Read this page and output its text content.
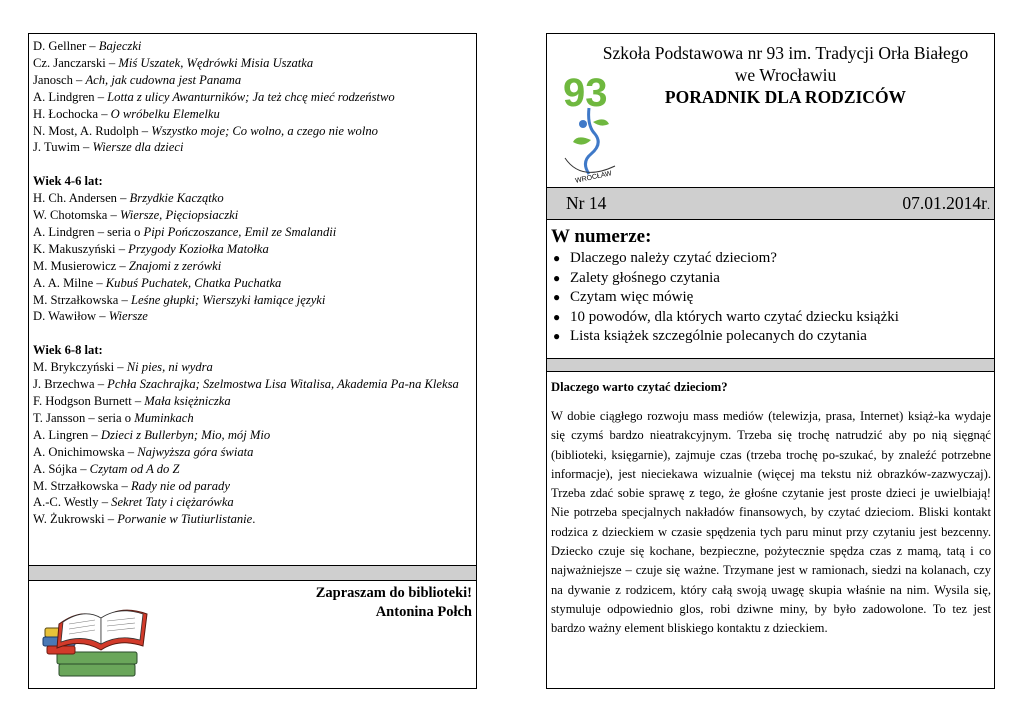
D. Gellner – Bajeczki
Cz. Janczarski – Miś Uszatek, Wędrówki Misia Uszatka
Janosch – Ach, jak cudowna jest Panama
A. Lindgren – Lotta z ulicy Awanturników; Ja też chcę mieć rodzeństwo
H. Łochocka – O wróbelku Elemelku
N. Most, A. Rudolph – Wszystko moje; Co wolno, a czego nie wolno
J. Tuwim – Wiersze dla dzieci
Wiek 4-6 lat:
H. Ch. Andersen – Brzydkie Kaczątko
W. Chotomska – Wiersze, Pięciopsiaczki
A. Lindgren – seria o Pipi Pończoszance, Emil ze Smalandii
K. Makuszyński – Przygody Koziołka Matołka
M. Musierowicz – Znajomi z zerówki
A. A. Milne – Kubuś Puchatek, Chatka Puchatka
M. Strzałkowska – Leśne głupki; Wierszyki łamiące języki
D. Wawiłow – Wiersze
Wiek 6-8 lat:
M. Brykczyński – Ni pies, ni wydra
J. Brzechwa – Pchła Szachrajka; Szelmostwa Lisa Witalisa, Akademia Pa-na Kleksa
F. Hodgson Burnett – Mała księżniczka
T. Jansson – seria o Muminkach
A. Lingren – Dzieci z Bullerbyn; Mio, mój Mio
A. Onichimowska – Najwyższa góra świata
A. Sójka – Czytam od A do Z
M. Strzałkowska – Rady nie od parady
A.-C. Westly – Sekret Taty i ciężarówka
W. Żukrowski – Porwanie w Tiutiurlistanie.
Zapraszam do biblioteki!
Antonina Połch
93
WROCŁAW
Szkoła Podstawowa nr 93 im. Tradycji Orła Białego
we Wrocławiu
PORADNIK DLA RODZICÓW
Nr 14	07.01.2014r.
W numerze:
● Dlaczego należy czytać dzieciom?
● Zalety głośnego czytania
● Czytam więc mówię
● 10 powodów, dla których warto czytać dziecku książki
● Lista książek szczególnie polecanych do czytania
Dlaczego warto czytać dzieciom?

W dobie ciągłego rozwoju mass mediów (telewizja, prasa, Internet) książ-ka wydaje się czymś bardzo nieatrakcyjnym. Trzeba się trochę natrudzić aby po nią sięgnąć (biblioteki, księgarnie), zajmuje czas (trzeba trochę po-szukać, by znaleźć potrzebne informacje), jest nieciekawa wizualnie (więcej ma tekstu niż obrazków-zazwyczaj). Trzeba zdać sobie sprawę z tego, że głośne czytanie jest proste dzieci je uwielbiają! Nie potrzeba specjalnych nakładów finansowych, by czytać dzieciom. Bliski kontakt rodzica z dzieckiem w czasie spędzenia tych paru minut przy czytaniu jest bezcenny. Dziecko czuje się kochane, bezpieczne, pożytecznie spędza czas z mamą, tatą i co najważniejsze – czuje się ważne. Trzymane jest w ramionach, siedzi na kolanach, czy na dywanie z rodzicem, który całą swoją uwagę skupia właśnie na nim. Wysila się, stymuluje odpowiednio glos, robi dziwne miny, by było zadowolone. To tez jest bardzo ważny element bliskiego kontaktu z dzieckiem.
